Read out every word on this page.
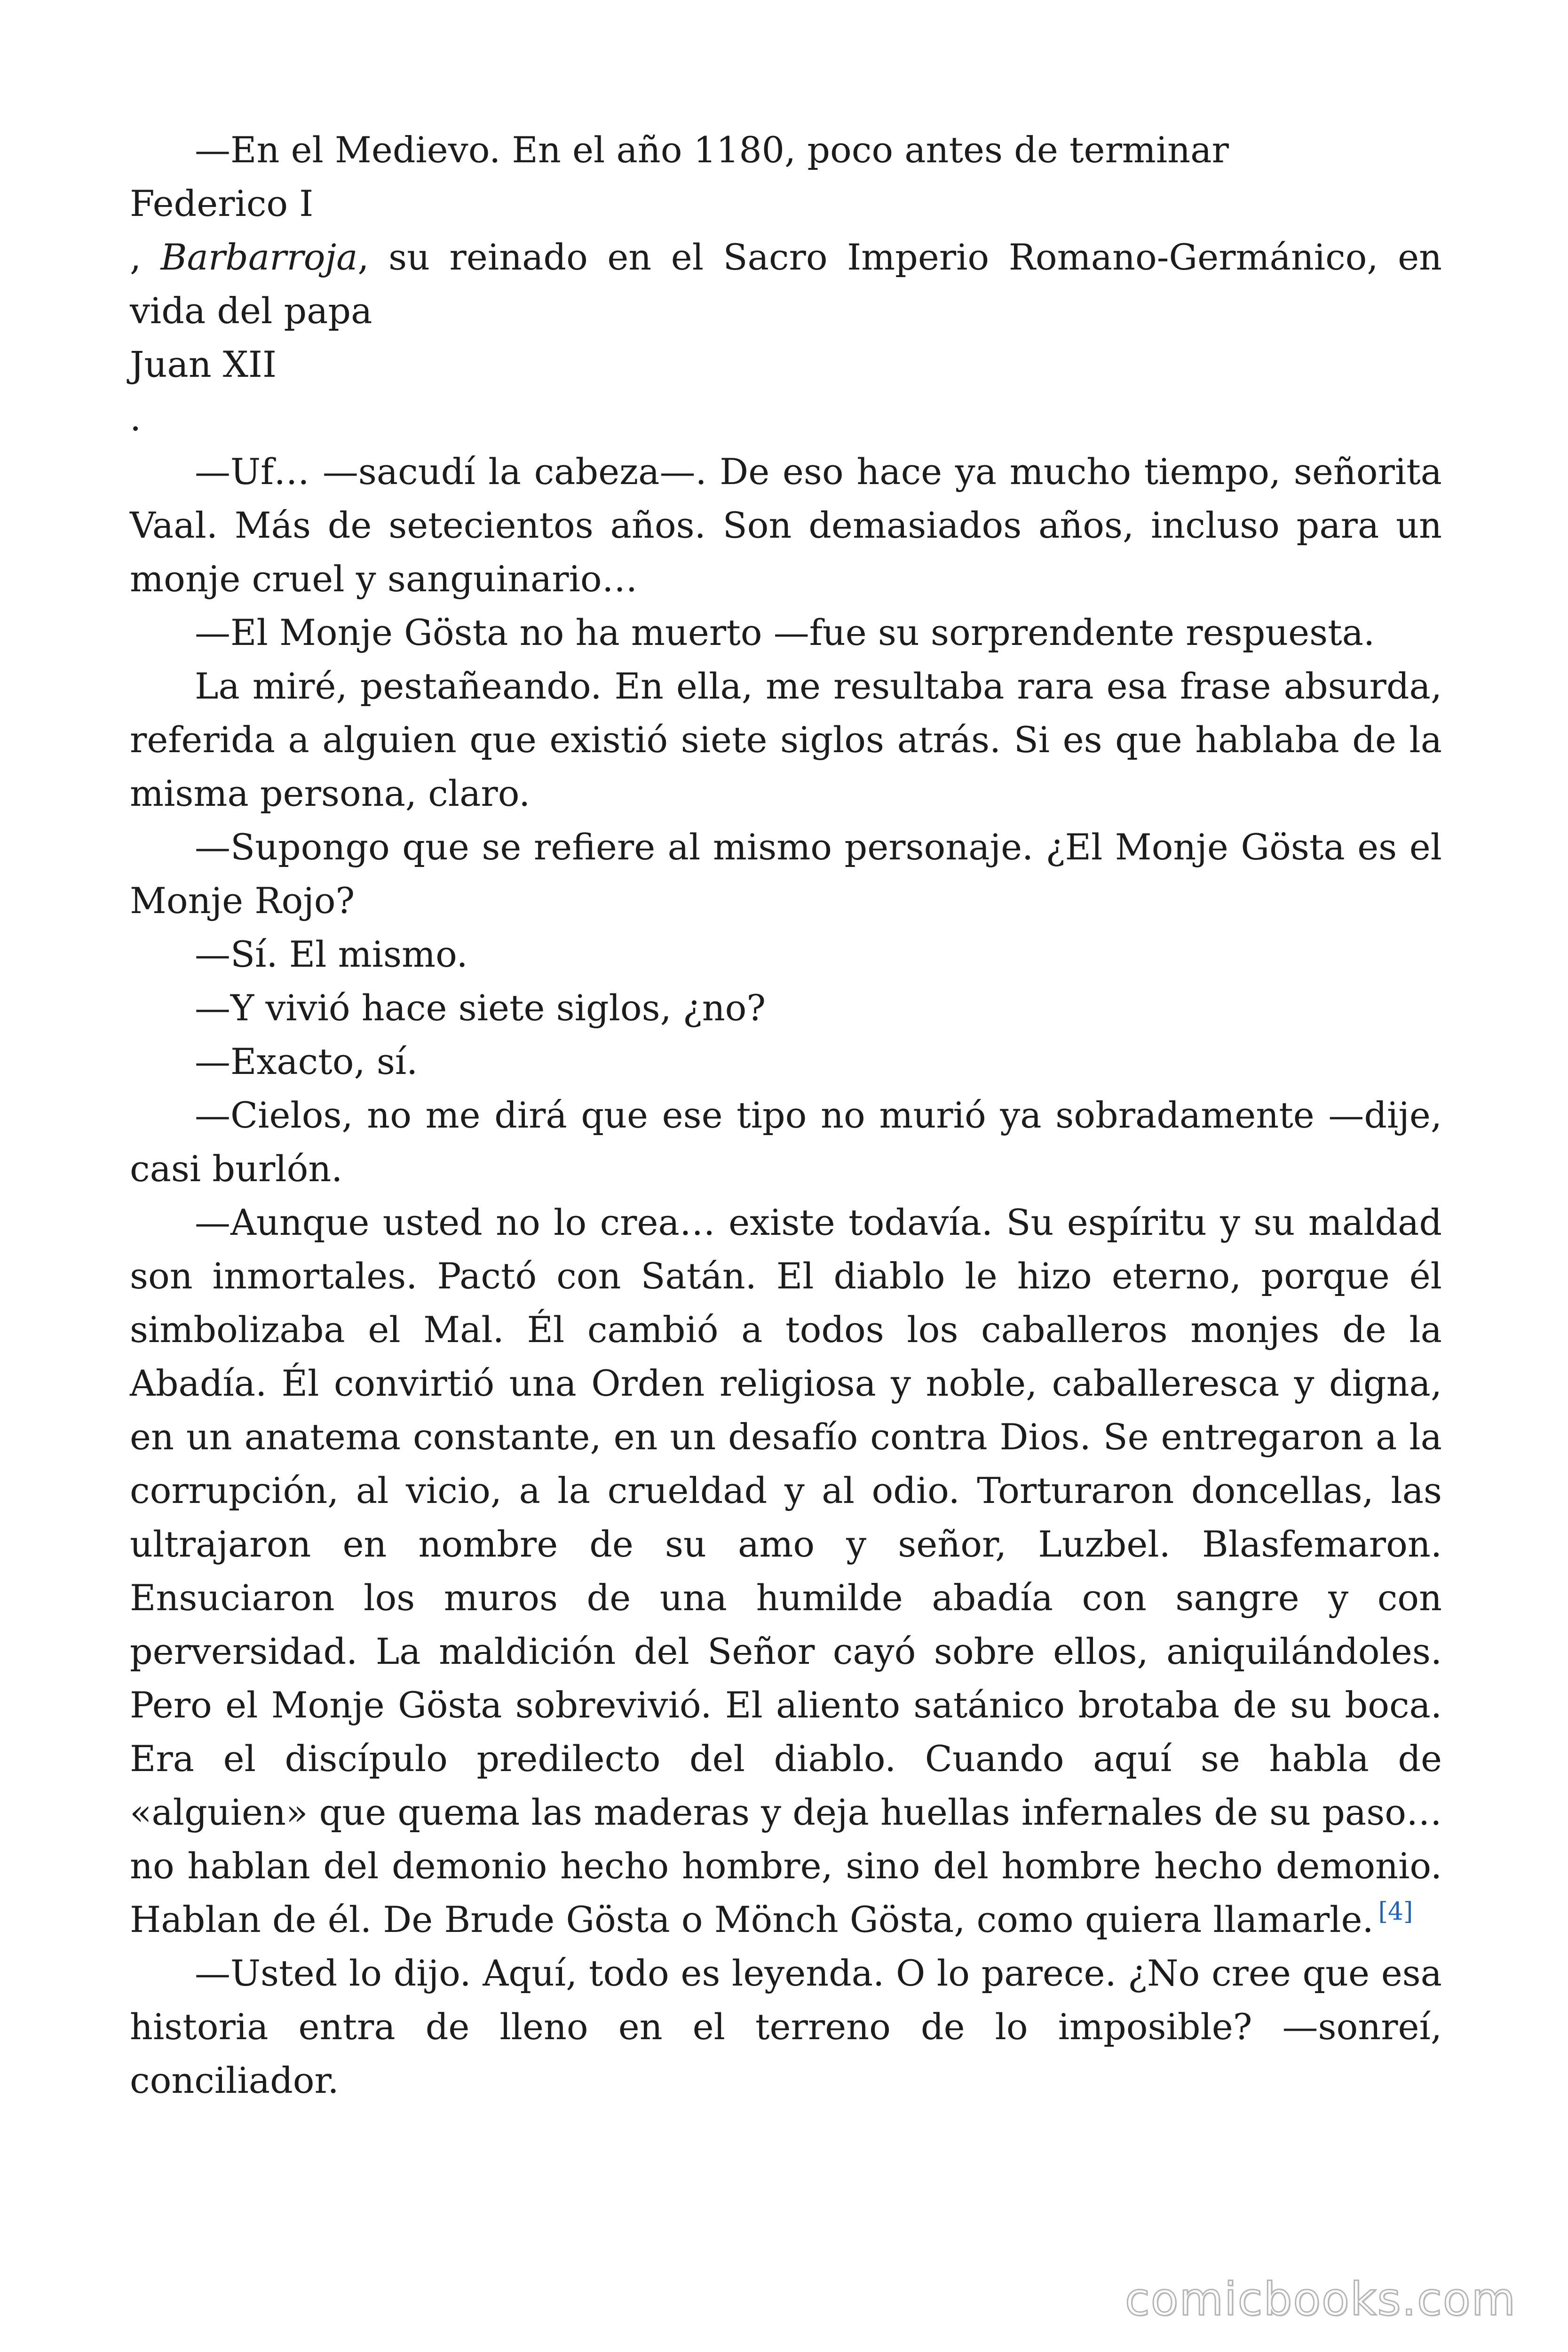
—En el Medievo. En el año 1180, poco antes de terminar

Federico I

, Barbarroja, su reinado en el Sacro Imperio Romano-Germánico, en vida del papa

Juan XII

.

—Uf… —sacudí la cabeza—. De eso hace ya mucho tiempo, señorita Vaal. Más de setecientos años. Son demasiados años, incluso para un monje cruel y sanguinario…

—El Monje Gösta no ha muerto —fue su sorprendente respuesta.

La miré, pestañeando. En ella, me resultaba rara esa frase absurda, referida a alguien que existió siete siglos atrás. Si es que hablaba de la misma persona, claro.

—Supongo que se refiere al mismo personaje. ¿El Monje Gösta es el Monje Rojo?

—Sí. El mismo.

—Y vivió hace siete siglos, ¿no?

—Exacto, sí.

—Cielos, no me dirá que ese tipo no murió ya sobradamente —dije, casi burlón.

—Aunque usted no lo crea… existe todavía. Su espíritu y su maldad son inmortales. Pactó con Satán. El diablo le hizo eterno, porque él simbolizaba el Mal. Él cambió a todos los caballeros monjes de la Abadía. Él convirtió una Orden religiosa y noble, caballeresca y digna, en un anatema constante, en un desafío contra Dios. Se entregaron a la corrupción, al vicio, a la crueldad y al odio. Torturaron doncellas, las ultrajaron en nombre de su amo y señor, Luzbel. Blasfemaron. Ensuciaron los muros de una humilde abadía con sangre y con perversidad. La maldición del Señor cayó sobre ellos, aniquilándoles. Pero el Monje Gösta sobrevivió. El aliento satánico brotaba de su boca. Era el discípulo predilecto del diablo. Cuando aquí se habla de «alguien» que quema las maderas y deja huellas infernales de su paso… no hablan del demonio hecho hombre, sino del hombre hecho demonio. Hablan de él. De Brude Gösta o Mönch Gösta, como quiera llamarle. [4]

—Usted lo dijo. Aquí, todo es leyenda. O lo parece. ¿No cree que esa historia entra de lleno en el terreno de lo imposible? —sonreí, conciliador.

comicbooks.com
